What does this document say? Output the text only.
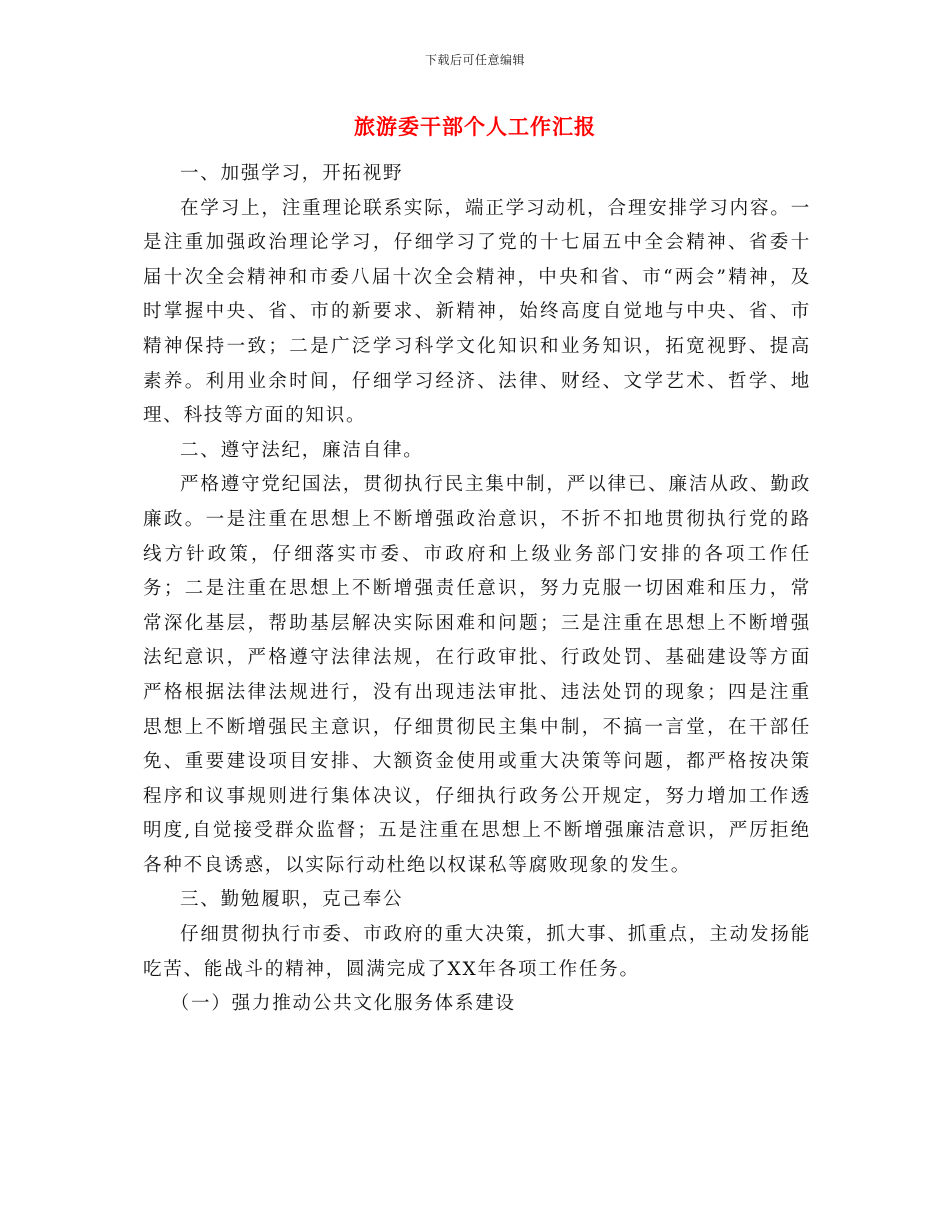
下载后可任意编辑
旅游委干部个人工作汇报

一、加强学习，开拓视野

在学习上，注重理论联系实际，端正学习动机，合理安排学习内容。一是注重加强政治理论学习，仔细学习了党的十七届五中全会精神、省委十届十次全会精神和市委八届十次全会精神，中央和省、市“两会”精神，及时掌握中央、省、市的新要求、新精神，始终高度自觉地与中央、省、市精神保持一致；二是广泛学习科学文化知识和业务知识，拓宽视野、提高素养。利用业余时间，仔细学习经济、法律、财经、文学艺术、哲学、地理、科技等方面的知识。

二、遵守法纪，廉洁自律。

严格遵守党纪国法，贯彻执行民主集中制，严以律已、廉洁从政、勤政廉政。一是注重在思想上不断增强政治意识，不折不扣地贯彻执行党的路线方针政策，仔细落实市委、市政府和上级业务部门安排的各项工作任务；二是注重在思想上不断增强责任意识，努力克服一切困难和压力，常常深化基层，帮助基层解决实际困难和问题；三是注重在思想上不断增强法纪意识，严格遵守法律法规，在行政审批、行政处罚、基础建设等方面严格根据法律法规进行，没有出现违法审批、违法处罚的现象；四是注重思想上不断增强民主意识，仔细贯彻民主集中制，不搞一言堂，在干部任免、重要建设项目安排、大额资金使用或重大决策等问题，都严格按决策程序和议事规则进行集体决议，仔细执行政务公开规定，努力增加工作透明度,自觉接受群众监督；五是注重在思想上不断增强廉洁意识，严厉拒绝各种不良诱惑，以实际行动杜绝以权谋私等腐败现象的发生。

三、勤勉履职，克己奉公

仔细贯彻执行市委、市政府的重大决策，抓大事、抓重点，主动发扬能吃苦、能战斗的精神，圆满完成了XX年各项工作任务。

（一）强力推动公共文化服务体系建设
